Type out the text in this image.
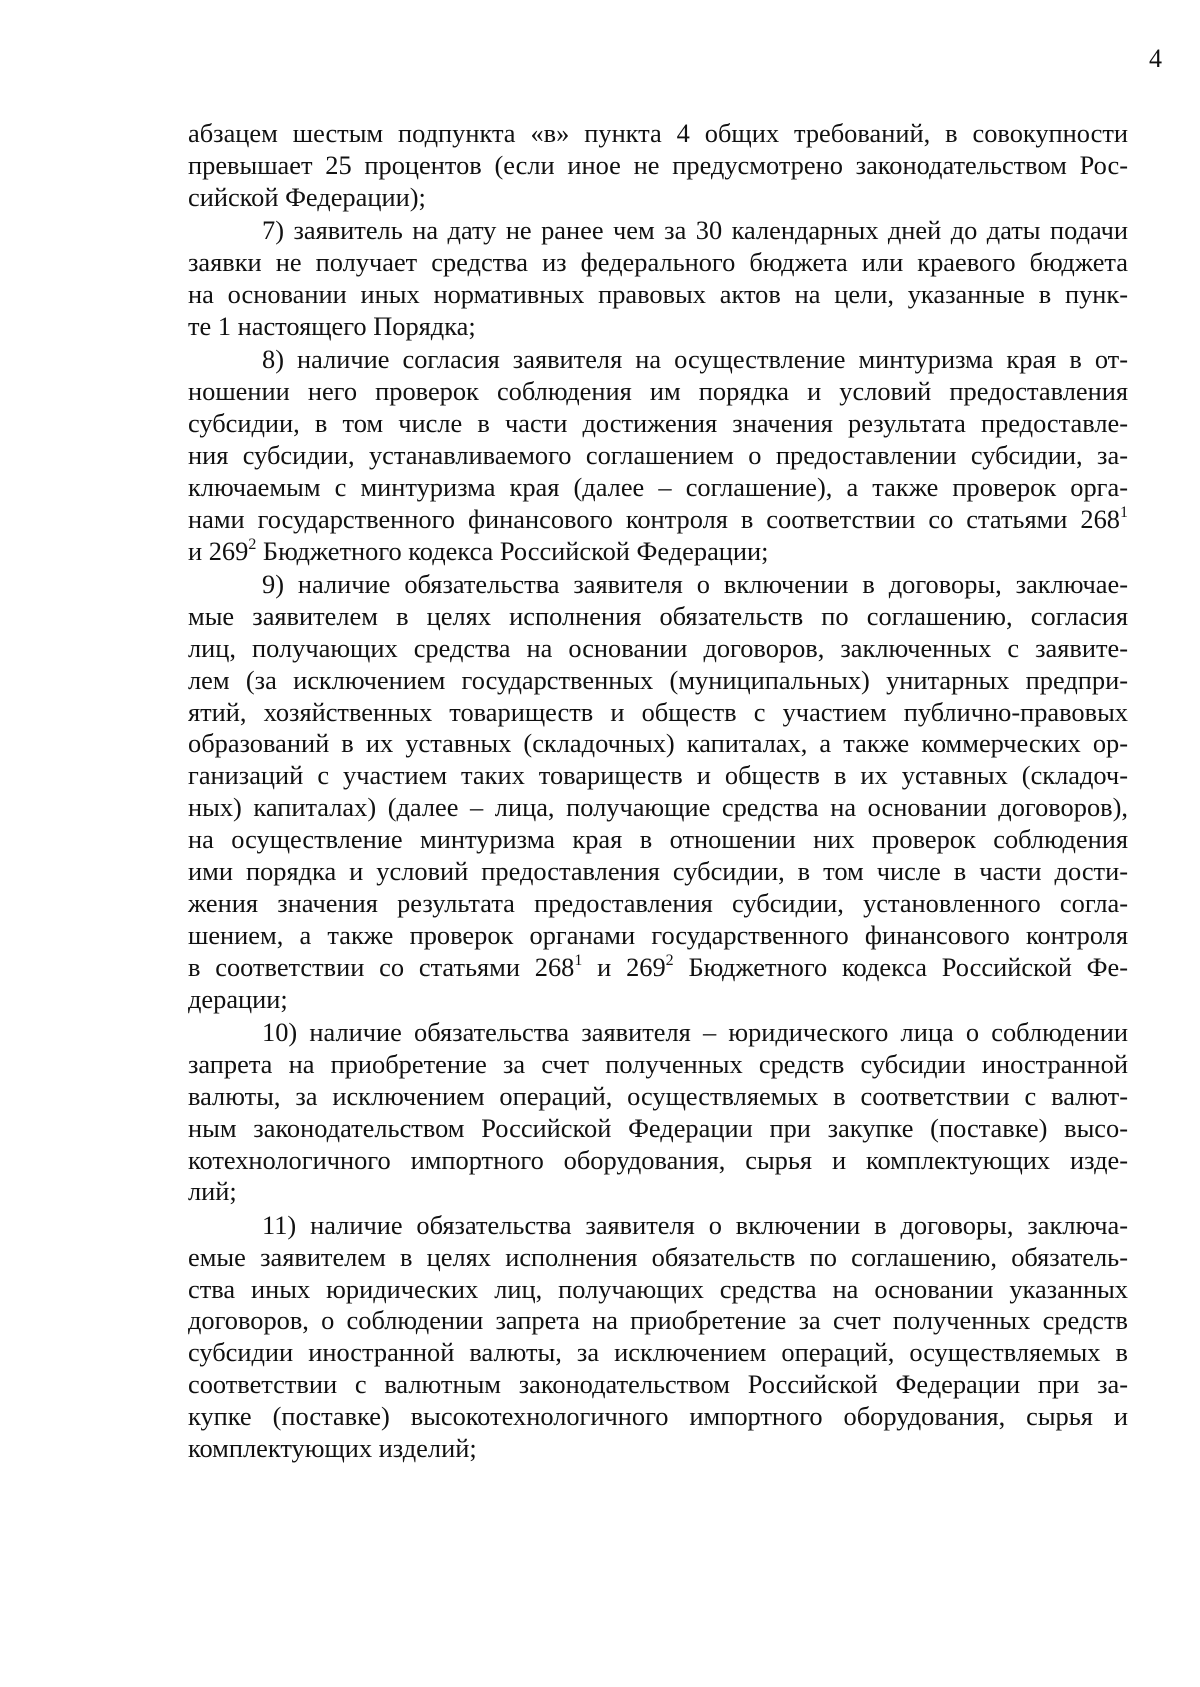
4
абзацем шестым подпункта «в» пункта 4 общих требований, в совокупности
превышает 25 процентов (если иное не предусмотрено законодательством Рос-
сийской Федерации);
7) заявитель на дату не ранее чем за 30 календарных дней до даты подачи
заявки не получает средства из федерального бюджета или краевого бюджета
на основании иных нормативных правовых актов на цели, указанные в пунк-
те 1 настоящего Порядка;
8) наличие согласия заявителя на осуществление минтуризма края в от-
ношении него проверок соблюдения им порядка и условий предоставления
субсидии, в том числе в части достижения значения результата предоставле-
ния субсидии, устанавливаемого соглашением о предоставлении субсидии, за-
ключаемым с минтуризма края (далее – соглашение), а также проверок орга-
нами государственного финансового контроля в соответствии со статьями $268^1$
и $269^2$ Бюджетного кодекса Российской Федерации;
9) наличие обязательства заявителя о включении в договоры, заключае-
мые заявителем в целях исполнения обязательств по соглашению, согласия
лиц, получающих средства на основании договоров, заключенных с заявите-
лем (за исключением государственных (муниципальных) унитарных предпри-
ятий, хозяйственных товариществ и обществ с участием публично-правовых
образований в их уставных (складочных) капиталах, а также коммерческих ор-
ганизаций с участием таких товариществ и обществ в их уставных (складоч-
ных) капиталах) (далее – лица, получающие средства на основании договоров),
на осуществление минтуризма края в отношении них проверок соблюдения
ими порядка и условий предоставления субсидии, в том числе в части дости-
жения значения результата предоставления субсидии, установленного согла-
шением, а также проверок органами государственного финансового контроля
в соответствии со статьями $268^1$ и $269^2$ Бюджетного кодекса Российской Фе-
дерации;
10) наличие обязательства заявителя – юридического лица о соблюдении
запрета на приобретение за счет полученных средств субсидии иностранной
валюты, за исключением операций, осуществляемых в соответствии с валют-
ным законодательством Российской Федерации при закупке (поставке) высо-
котехнологичного импортного оборудования, сырья и комплектующих изде-
лий;
11) наличие обязательства заявителя о включении в договоры, заключа-
емые заявителем в целях исполнения обязательств по соглашению, обязатель-
ства иных юридических лиц, получающих средства на основании указанных
договоров, о соблюдении запрета на приобретение за счет полученных средств
субсидии иностранной валюты, за исключением операций, осуществляемых в
соответствии с валютным законодательством Российской Федерации при за-
купке (поставке) высокотехнологичного импортного оборудования, сырья и
комплектующих изделий;
